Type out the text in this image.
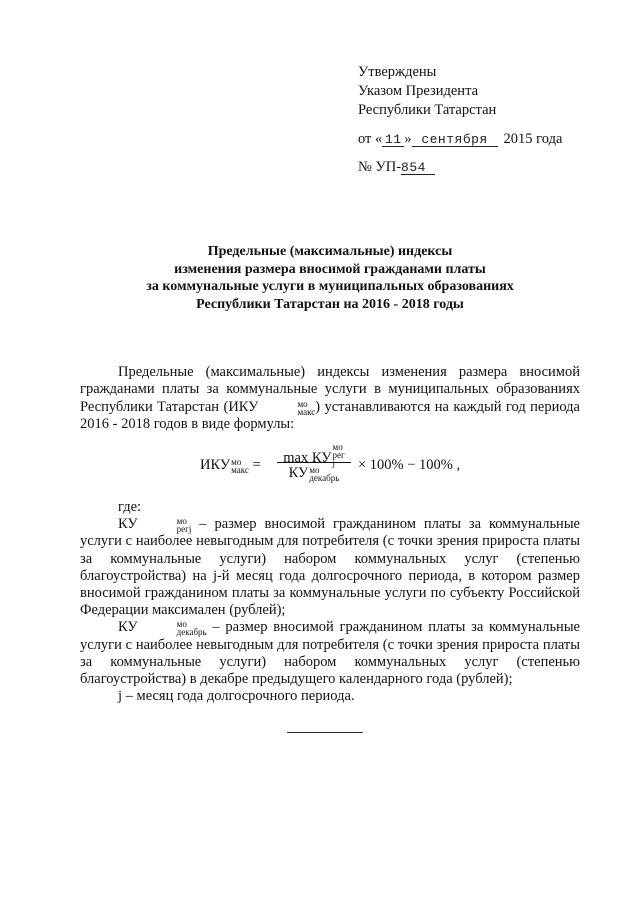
Утверждены
Указом Президента
Республики Татарстан
от « 11 » сентября 2015 года
№ УП-854
Предельные (максимальные) индексы
изменения размера вносимой гражданами платы
за коммунальные услуги в муниципальных образованиях
Республики Татарстан на 2016 - 2018 годы

Предельные (максимальные) индексы изменения размера вносимой гражданами платы за коммунальные услуги в муниципальных образованиях Республики Татарстан (ИКУ	мо
макс ) устанавливаются на каждый год периода 2016 - 2018 годов в виде формулы:

ИКУ мо
макс =	max КУ
мо
рег
j
КУ мо
декабрь
× 100% − 100% ,

где:

КУ	мо
регj – размер вносимой гражданином платы за коммунальные услуги с наиболее невыгодным для потребителя (с точки зрения прироста платы за коммунальные услуги) набором коммунальных услуг (степенью благоустройства) на j-й месяц года долгосрочного периода, в котором размер вносимой гражданином платы за коммунальные услуги по субъекту Российской Федерации максимален (рублей);

КУ	мо
декабрь – размер вносимой гражданином платы за коммунальные услуги с наиболее невыгодным для потребителя (с точки зрения прироста платы за коммунальные услуги) набором коммунальных услуг (степенью благоустройства) в декабре предыдущего календарного года (рублей);

j – месяц года долгосрочного периода.
